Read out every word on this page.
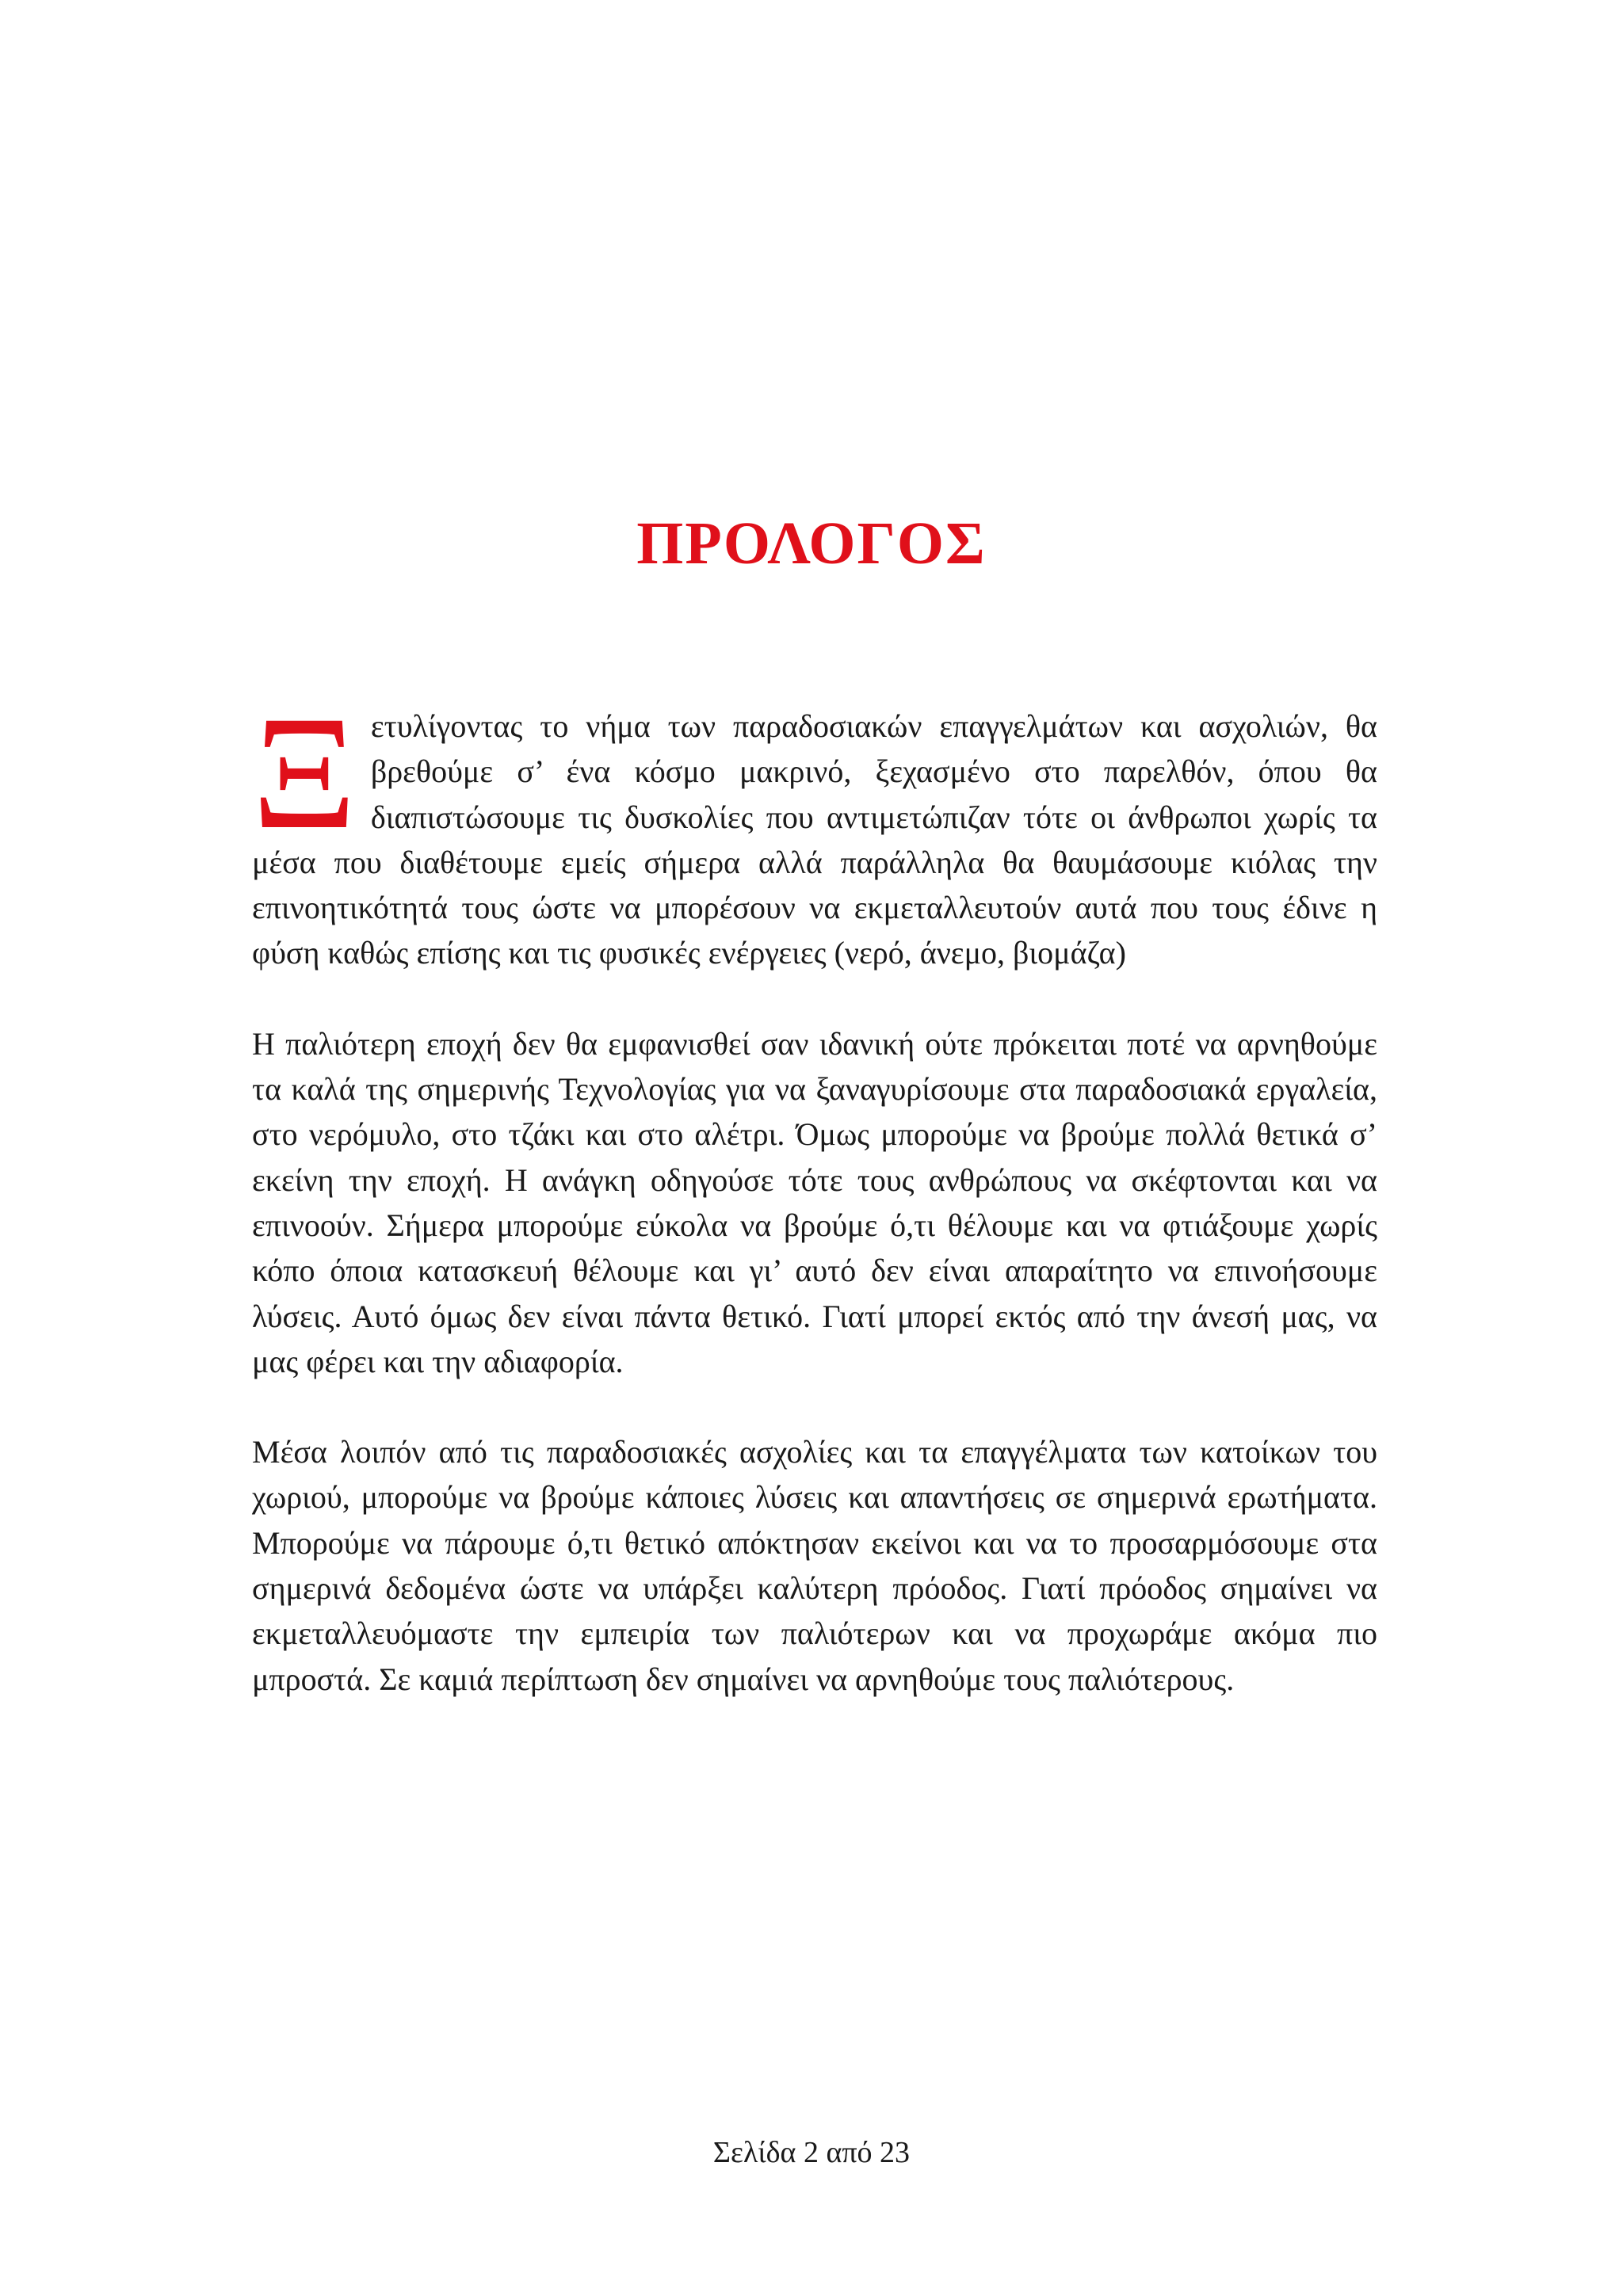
ΠΡΟΛΟΓΟΣ

Ξετυλίγοντας το νήμα των παραδοσιακών επαγγελμάτων και ασχολιών, θα βρεθούμε σ’ ένα κόσμο μακρινό, ξεχασμένο στο παρελθόν, όπου θα διαπιστώσουμε τις δυσκολίες που αντιμετώπιζαν τότε οι άνθρωποι χωρίς τα μέσα που διαθέτουμε εμείς σήμερα αλλά παράλληλα θα θαυμάσουμε κιόλας την επινοητικότητά τους ώστε να μπορέσουν να εκμεταλλευτούν αυτά που τους έδινε η φύση καθώς επίσης και τις φυσικές ενέργειες (νερό, άνεμο, βιομάζα)

Η παλιότερη εποχή δεν θα εμφανισθεί σαν ιδανική ούτε πρόκειται ποτέ να αρνηθούμε τα καλά της σημερινής Τεχνολογίας για να ξαναγυρίσουμε στα παραδοσιακά εργαλεία, στο νερόμυλο, στο τζάκι και στο αλέτρι. Όμως μπορούμε να βρούμε πολλά θετικά σ’ εκείνη την εποχή. Η ανάγκη οδηγούσε τότε τους ανθρώπους να σκέφτονται και να επινοούν. Σήμερα μπορούμε εύκολα να βρούμε ό,τι θέλουμε και να φτιάξουμε χωρίς κόπο όποια κατασκευή θέλουμε και γι’ αυτό δεν είναι απαραίτητο να επινοήσουμε λύσεις. Αυτό όμως δεν είναι πάντα θετικό. Γιατί μπορεί εκτός από την άνεσή μας, να μας φέρει και την αδιαφορία.

Μέσα λοιπόν από τις παραδοσιακές ασχολίες και τα επαγγέλματα των κατοίκων του χωριού, μπορούμε να βρούμε κάποιες λύσεις και απαντήσεις σε σημερινά ερωτήματα. Μπορούμε να πάρουμε ό,τι θετικό απόκτησαν εκείνοι και να το προσαρμόσουμε στα σημερινά δεδομένα ώστε να υπάρξει καλύτερη πρόοδος. Γιατί πρόοδος σημαίνει να εκμεταλλευόμαστε την εμπειρία των παλιότερων και να προχωράμε ακόμα πιο μπροστά. Σε καμιά περίπτωση δεν σημαίνει να αρνηθούμε τους παλιότερους.

Σελίδα 2 από 23
